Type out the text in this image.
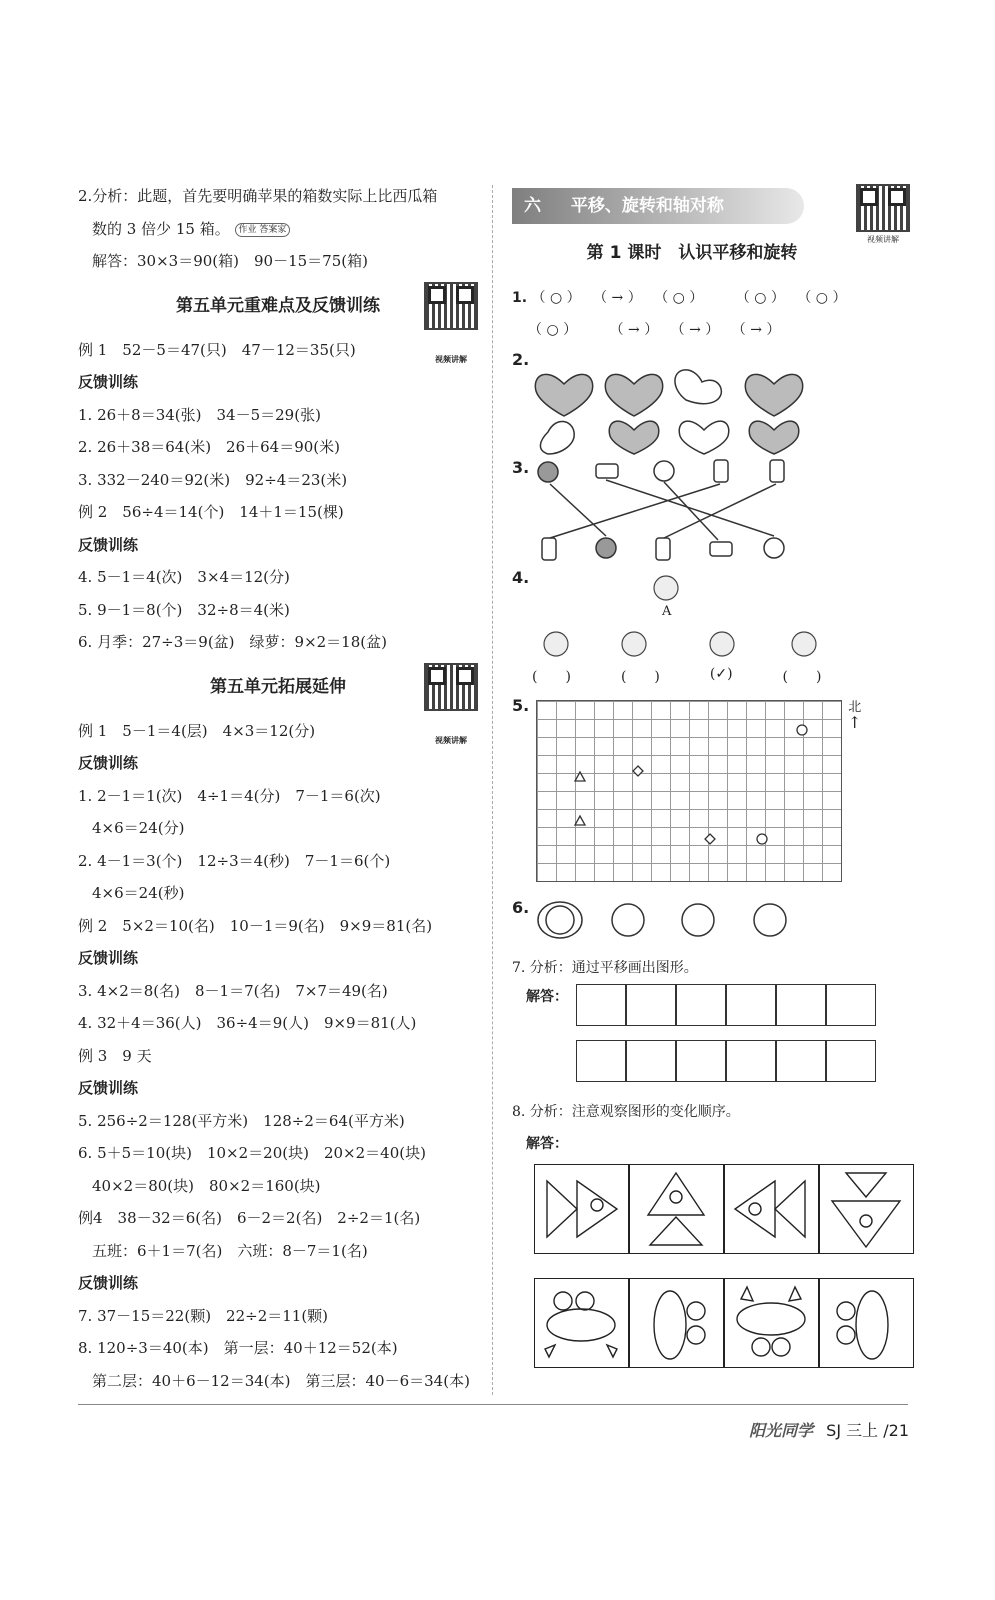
2.分析：此题，首先要明确苹果的箱数实际上比西瓜箱
数的 3 倍少 15 箱。 作业 答案家
解答：30×3＝90(箱)　90－15＝75(箱)
第五单元重难点及反馈训练
视频讲解
例 1　52－5＝47(只)　47－12＝35(只)
反馈训练
1. 26＋8＝34(张)　34－5＝29(张)
2. 26＋38＝64(米)　26＋64＝90(米)
3. 332－240＝92(米)　92÷4＝23(米)
例 2　56÷4＝14(个)　14＋1＝15(棵)
反馈训练
4. 5－1＝4(次)　3×4＝12(分)
5. 9－1＝8(个)　32÷8＝4(米)
6. 月季：27÷3＝9(盆)　绿萝：9×2＝18(盆)
第五单元拓展延伸
视频讲解
例 1　5－1＝4(层)　4×3＝12(分)
反馈训练
1. 2－1＝1(次)　4÷1＝4(分)　7－1＝6(次)
4×6＝24(分)
2. 4－1＝3(个)　12÷3＝4(秒)　7－1＝6(个)
4×6＝24(秒)
例 2　5×2＝10(名)　10－1＝9(名)　9×9＝81(名)
反馈训练
3. 4×2＝8(名)　8－1＝7(名)　7×7＝49(名)
4. 32＋4＝36(人)　36÷4＝9(人)　9×9＝81(人)
例 3　9 天
反馈训练
5. 256÷2＝128(平方米)　128÷2＝64(平方米)
6. 5＋5＝10(块)　10×2＝20(块)　20×2＝40(块)
40×2＝80(块)　80×2＝160(块)
例4　38－32＝6(名)　6－2＝2(名)　2÷2＝1(名)
五班：6＋1＝7(名)　六班：8－7＝1(名)
反馈训练
7. 37－15＝22(颗)　22÷2＝11(颗)
8. 120÷3＝40(本)　第一层：40＋12＝52(本)
第二层：40＋6－12＝34(本)　第三层：40－6＝34(本)
六 平移、旋转和轴对称
第 1 课时　认识平移和旋转
视频讲解
1. （ ○ ） （ → ） （ ○ ） （ ○ ） （ ○ ）
（ ○ ） （ → ） （ → ） （ → ）
2.
3.
4.
A
(　　)	(　　)	(✓)	(　　)
5.	北
↑
6.
7. 分析：通过平移画出图形。
解答：
8. 分析：注意观察图形的变化顺序。
解答：
阳光同学 SJ 三上 /21
